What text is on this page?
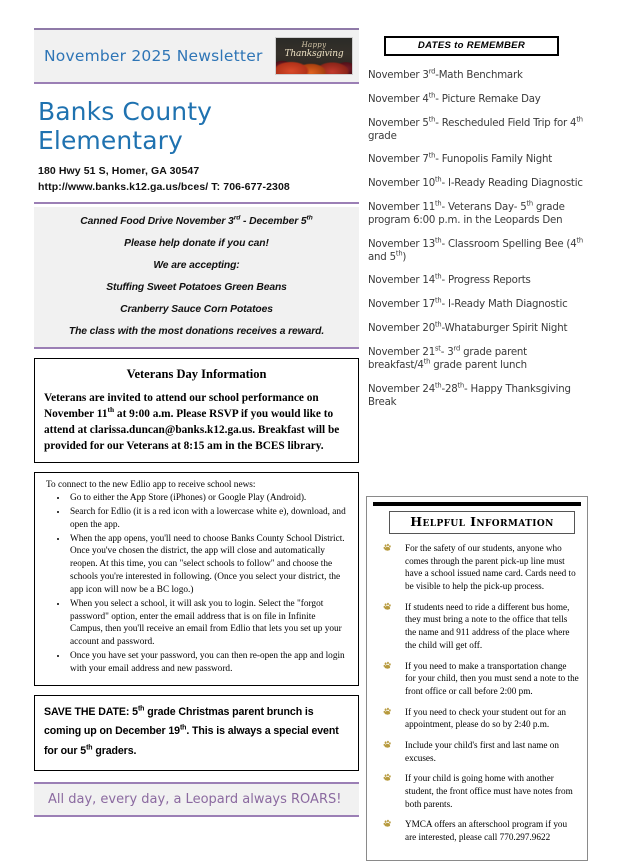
November 2025 Newsletter
Happy
Thanksgiving
Banks County Elementary
180 Hwy 51 S, Homer, GA 30547
http://www.banks.k12.ga.us/bces/ T: 706-677-2308
Canned Food Drive November 3rd - December 5th
Please help donate if you can!
We are accepting:
Stuffing Sweet Potatoes Green Beans
Cranberry Sauce Corn Potatoes
The class with the most donations receives a reward.
Veterans Day Information
Veterans are invited to attend our school performance on November 11th at 9:00 a.m. Please RSVP if you would like to attend at clarissa.duncan@banks.k12.ga.us. Breakfast will be provided for our Veterans at 8:15 am in the BCES library.
To connect to the new Edlio app to receive school news:
• Go to either the App Store (iPhones) or Google Play (Android).
• Search for Edlio (it is a red icon with a lowercase white e), download, and open the app.
• When the app opens, you'll need to choose Banks County School District. Once you've chosen the district, the app will close and automatically reopen. At this time, you can "select schools to follow" and choose the schools you're interested in following. (Once you select your district, the app icon will now be a BC logo.)
• When you select a school, it will ask you to login. Select the "forgot password" option, enter the email address that is on file in Infinite Campus, then you'll receive an email from Edlio that lets you set up your account and password.
• Once you have set your password, you can then re-open the app and login with your email address and new password.
SAVE THE DATE: 5th grade Christmas parent brunch is coming up on December 19th. This is always a special event for our 5th graders.
All day, every day, a Leopard always ROARS!
DATES to REMEMBER
November 3rd-Math Benchmark
November 4th- Picture Remake Day
November 5th- Rescheduled Field Trip for 4th grade
November 7th- Funopolis Family Night
November 10th- I-Ready Reading Diagnostic
November 11th- Veterans Day- 5th grade program 6:00 p.m. in the Leopards Den
November 13th- Classroom Spelling Bee (4th and 5th)
November 14th- Progress Reports
November 17th- I-Ready Math Diagnostic
November 20th-Whataburger Spirit Night
November 21st- 3rd grade parent breakfast/4th grade parent lunch
November 24th-28th- Happy Thanksgiving Break
Helpful Information
For the safety of our students, anyone who comes through the parent pick-up line must have a school issued name card. Cards need to be visible to help the pick-up process.
If students need to ride a different bus home, they must bring a note to the office that tells the name and 911 address of the place where the child will get off.
If you need to make a transportation change for your child, then you must send a note to the front office or call before 2:00 pm.
If you need to check your student out for an appointment, please do so by 2:40 p.m.
Include your child's first and last name on excuses.
If your child is going home with another student, the front office must have notes from both parents.
YMCA offers an afterschool program if you are interested, please call 770.297.9622
